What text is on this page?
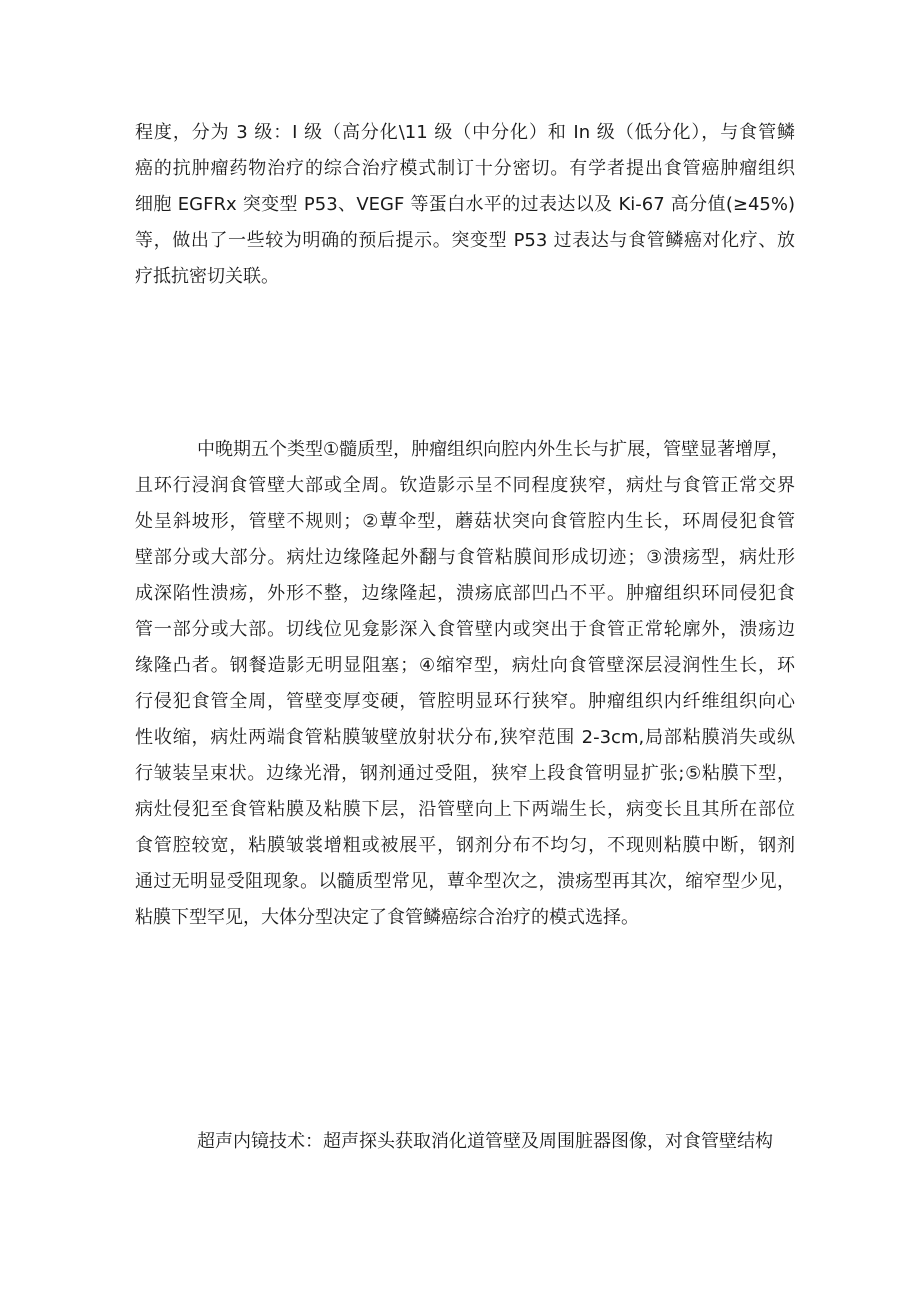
程度，分为 3 级：I 级（高分化\11 级（中分化）和 In 级（低分化），与食管鳞
癌的抗肿瘤药物治疗的综合治疗模式制订十分密切。有学者提出食管癌肿瘤组织
细胞 EGFRx 突变型 P53、VEGF 等蛋白水平的过表达以及 Ki-67 高分值(≥45%)
等，做出了一些较为明确的预后提示。突变型 P53 过表达与食管鳞癌对化疗、放
疗抵抗密切关联。
中晚期五个类型①髓质型，肿瘤组织向腔内外生长与扩展，管壁显著增厚，
且环行浸润食管壁大部或全周。钦造影示呈不同程度狭窄，病灶与食管正常交界
处呈斜坡形，管壁不规则；②蕈伞型，蘑菇状突向食管腔内生长，环周侵犯食管
壁部分或大部分。病灶边缘隆起外翻与食管粘膜间形成切迹；③溃疡型，病灶形
成深陷性溃疡，外形不整，边缘隆起，溃疡底部凹凸不平。肿瘤组织环同侵犯食
管一部分或大部。切线位见龛影深入食管壁内或突出于食管正常轮廓外，溃疡边
缘隆凸者。钢餐造影无明显阻塞；④缩窄型，病灶向食管壁深层浸润性生长，环
行侵犯食管全周，管壁变厚变硬，管腔明显环行狭窄。肿瘤组织内纤维组织向心
性收缩，病灶两端食管粘膜皱壁放射状分布,狭窄范围 2-3cm,局部粘膜消失或纵
行皱装呈束状。边缘光滑，钢剂通过受阻，狭窄上段食管明显扩张;⑤粘膜下型，
病灶侵犯至食管粘膜及粘膜下层，沿管壁向上下两端生长，病变长且其所在部位
食管腔较宽，粘膜皱裳增粗或被展平，钢剂分布不均匀，不现则粘膜中断，钢剂
通过无明显受阻现象。以髓质型常见，蕈伞型次之，溃疡型再其次，缩窄型少见，
粘膜下型罕见，大体分型决定了食管鳞癌综合治疗的模式选择。
超声内镜技术：超声探头获取消化道管壁及周围脏器图像，对食管壁结构
